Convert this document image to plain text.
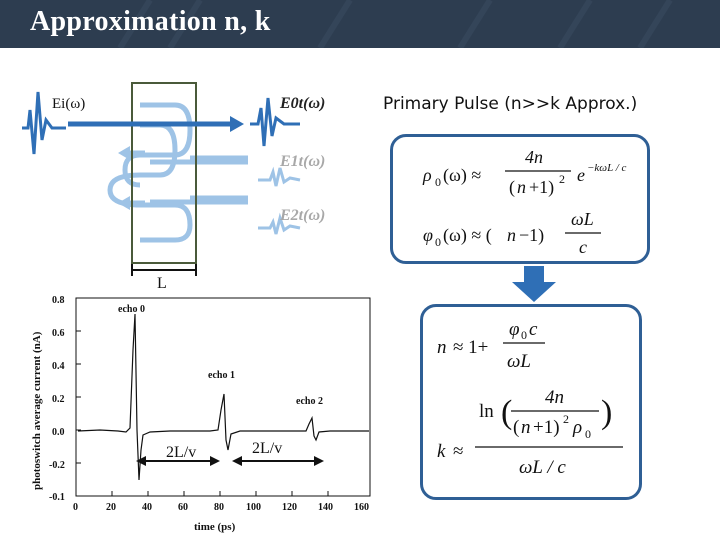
Approximation n, k
Ei(ω)	E0t(ω)
E1t(ω)
E2t(ω)
L
Primary Pulse (n>>k Approx.)
ρ 0 (ω) ≈
4n
( n +1) 2 e −kωL / c
φ 0 (ω) ≈ ( n −1)
ωL
c
n ≈ 1+
φ 0 c
ωL
k ≈
ln ( 4n
( n +1) 2 ρ 0
)
ωL / c
photoswitch average current (nA)
time (ps)
0.8
0.6
0.4
0.2
0.0
-0.2
-0.1
0	20	40	60	80 100 120 140 160
echo 0
echo 1
echo 2
2L/v	2L/v
